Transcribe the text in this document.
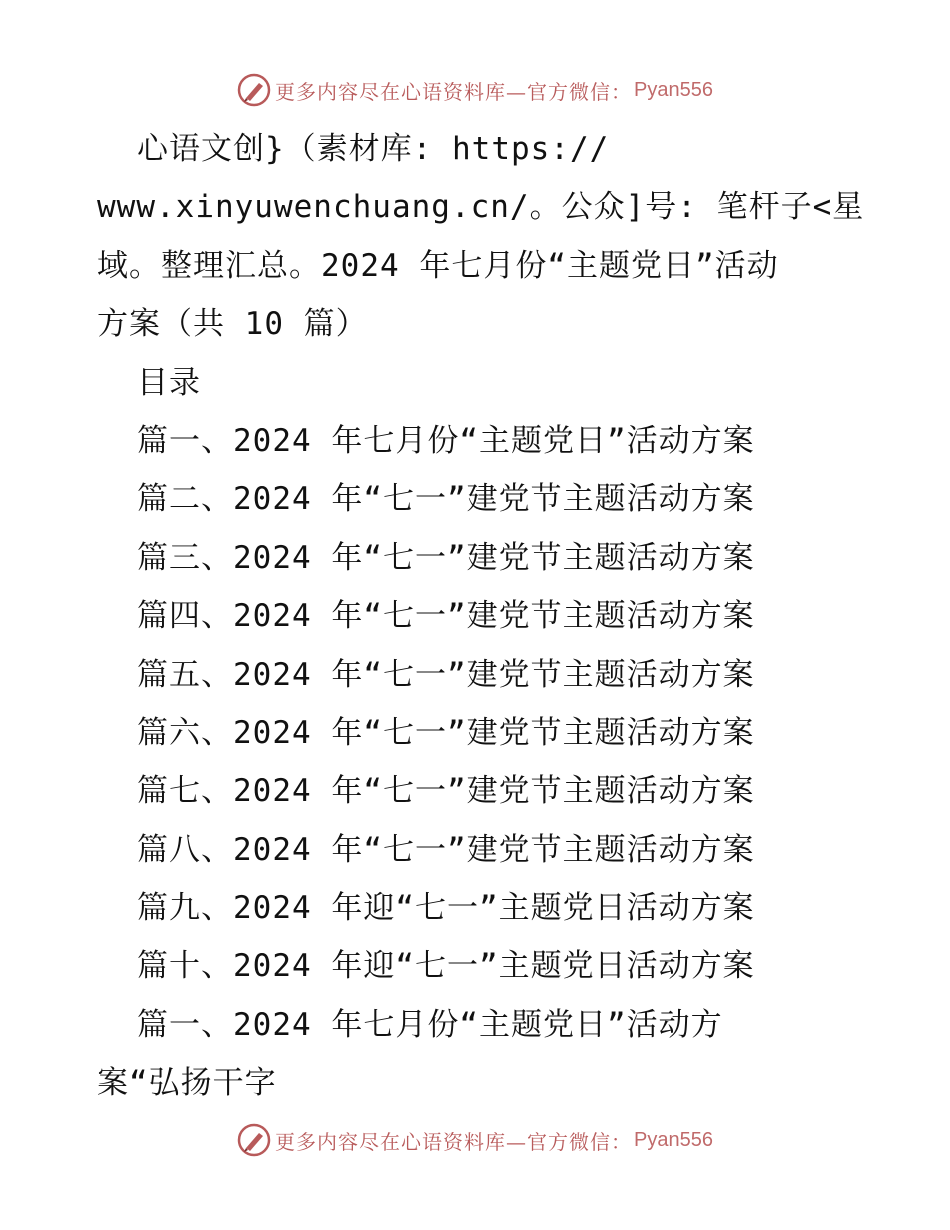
更多内容尽在心语资料库—官方微信： Pyan556
心语文创}（素材库: https://
www.xinyuwenchuang.cn/。公众]号: 笔杆子<星
域。整理汇总。2024 年七月份“主题党日”活动
方案（共 10 篇）
目录
篇一、2024 年七月份“主题党日”活动方案
篇二、2024 年“七一”建党节主题活动方案
篇三、2024 年“七一”建党节主题活动方案
篇四、2024 年“七一”建党节主题活动方案
篇五、2024 年“七一”建党节主题活动方案
篇六、2024 年“七一”建党节主题活动方案
篇七、2024 年“七一”建党节主题活动方案
篇八、2024 年“七一”建党节主题活动方案
篇九、2024 年迎“七一”主题党日活动方案
篇十、2024 年迎“七一”主题党日活动方案
篇一、2024 年七月份“主题党日”活动方
案“弘扬干字
更多内容尽在心语资料库—官方微信： Pyan556
